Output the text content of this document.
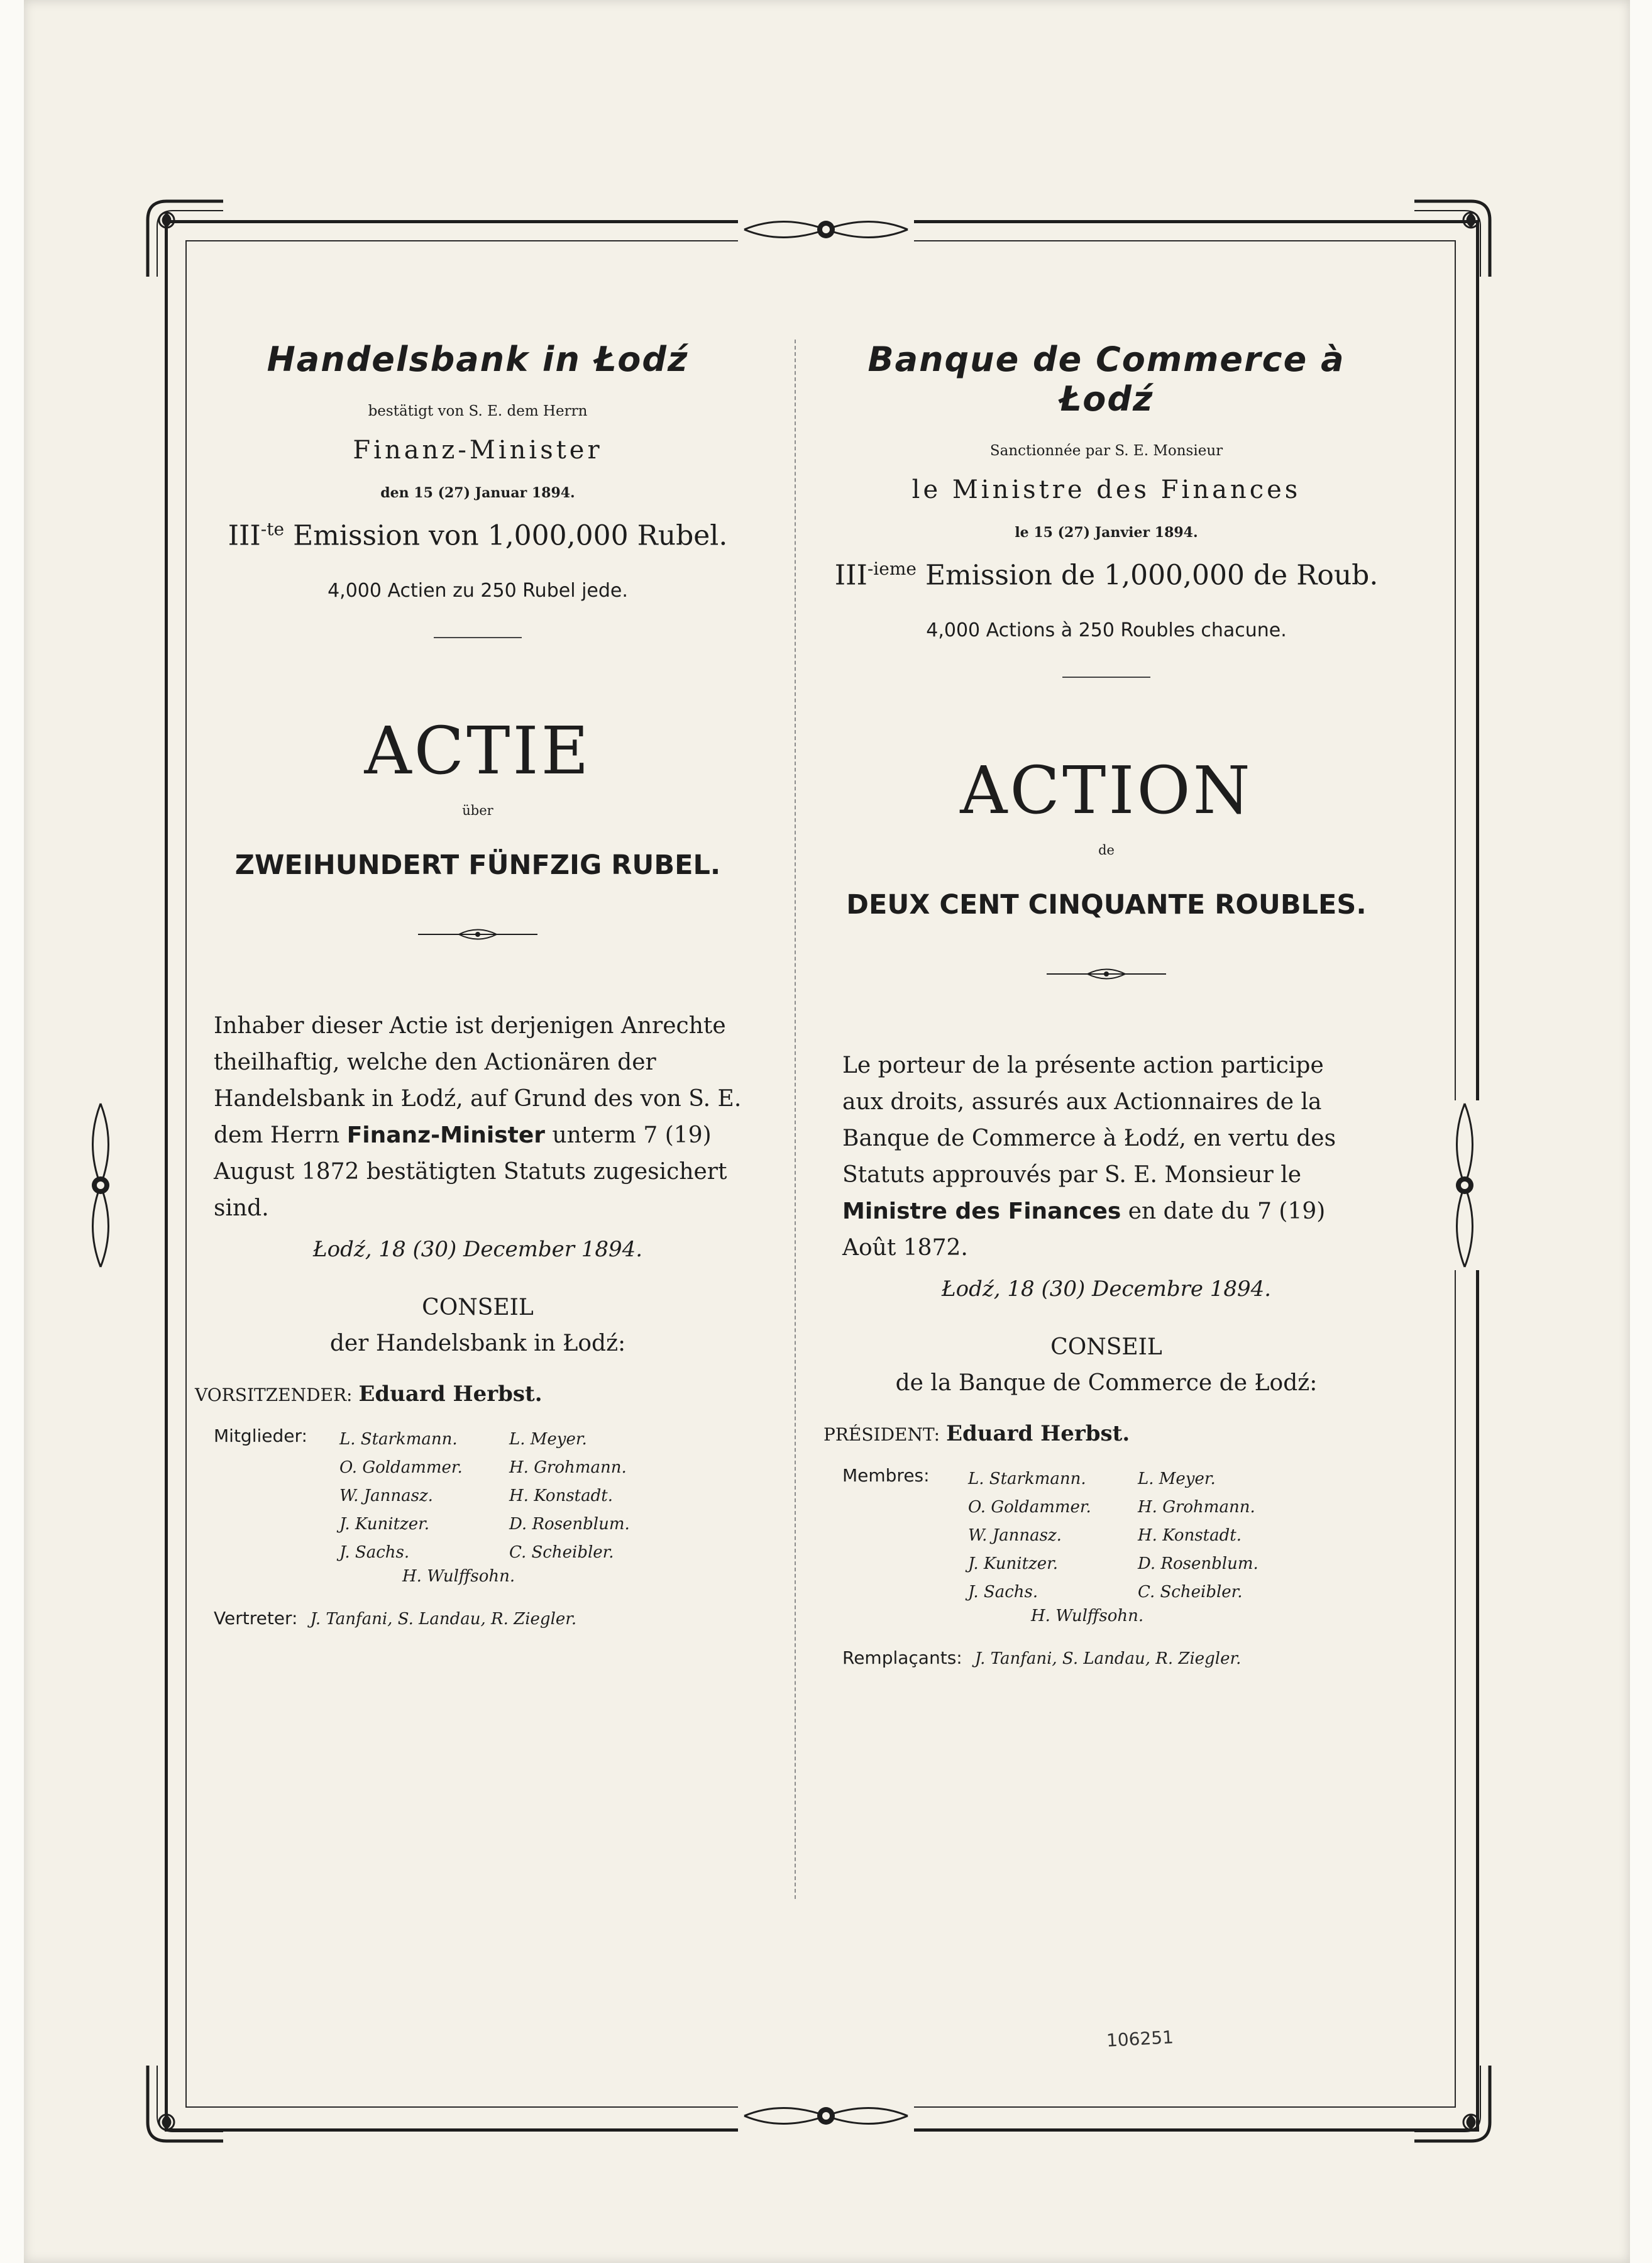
Handelsbank in Łodź
bestätigt von S. E. dem Herrn
Finanz-Minister
den 15 (27) Januar 1894.
$III^{-te}$ Emission von 1,000,000 Rubel.
4,000 Actien zu 250 Rubel jede.
ACTIE
über
ZWEIHUNDERT FÜNFZIG RUBEL.
Inhaber dieser Actie ist derjenigen Anrechte theilhaftig, welche den Actionären der Handelsbank in Łodź, auf Grund des von S. E. dem Herrn Finanz-Minister unterm 7 (19) August 1872 bestätigten Statuts zugesichert sind.
Łodź, 18 (30) December 1894.
CONSEIL
der Handelsbank in Łodź:
VORSITZENDER: Eduard Herbst.
Mitglieder: L. Starkmann.
O. Goldammer.
W. Jannasz.
J. Kunitzer.
J. Sachs.
L. Meyer.
H. Grohmann.
H. Konstadt.
D. Rosenblum.
C. Scheibler.
H. Wulffsohn.
Vertreter: J. Tanfani, S. Landau, R. Ziegler.
Banque de Commerce à Łodź
Sanctionnée par S. E. Monsieur
le Ministre des Finances
le 15 (27) Janvier 1894.
$III^{-ieme}$ Emission de 1,000,000 de Roub.
4,000 Actions à 250 Roubles chacune.
ACTION
de
DEUX CENT CINQUANTE ROUBLES.
Le porteur de la présente action participe aux droits, assurés aux Actionnaires de la Banque de Commerce à Łodź, en vertu des Statuts approuvés par S. E. Monsieur le Ministre des Finances en date du 7 (19) Août 1872.
Łodź, 18 (30) Decembre 1894.
CONSEIL
de la Banque de Commerce de Łodź:
PRÉSIDENT: Eduard Herbst.
Membres: L. Starkmann.
O. Goldammer.
W. Jannasz.
J. Kunitzer.
J. Sachs.
L. Meyer.
H. Grohmann.
H. Konstadt.
D. Rosenblum.
C. Scheibler.
H. Wulffsohn.
Remplaçants: J. Tanfani, S. Landau, R. Ziegler.
106251
